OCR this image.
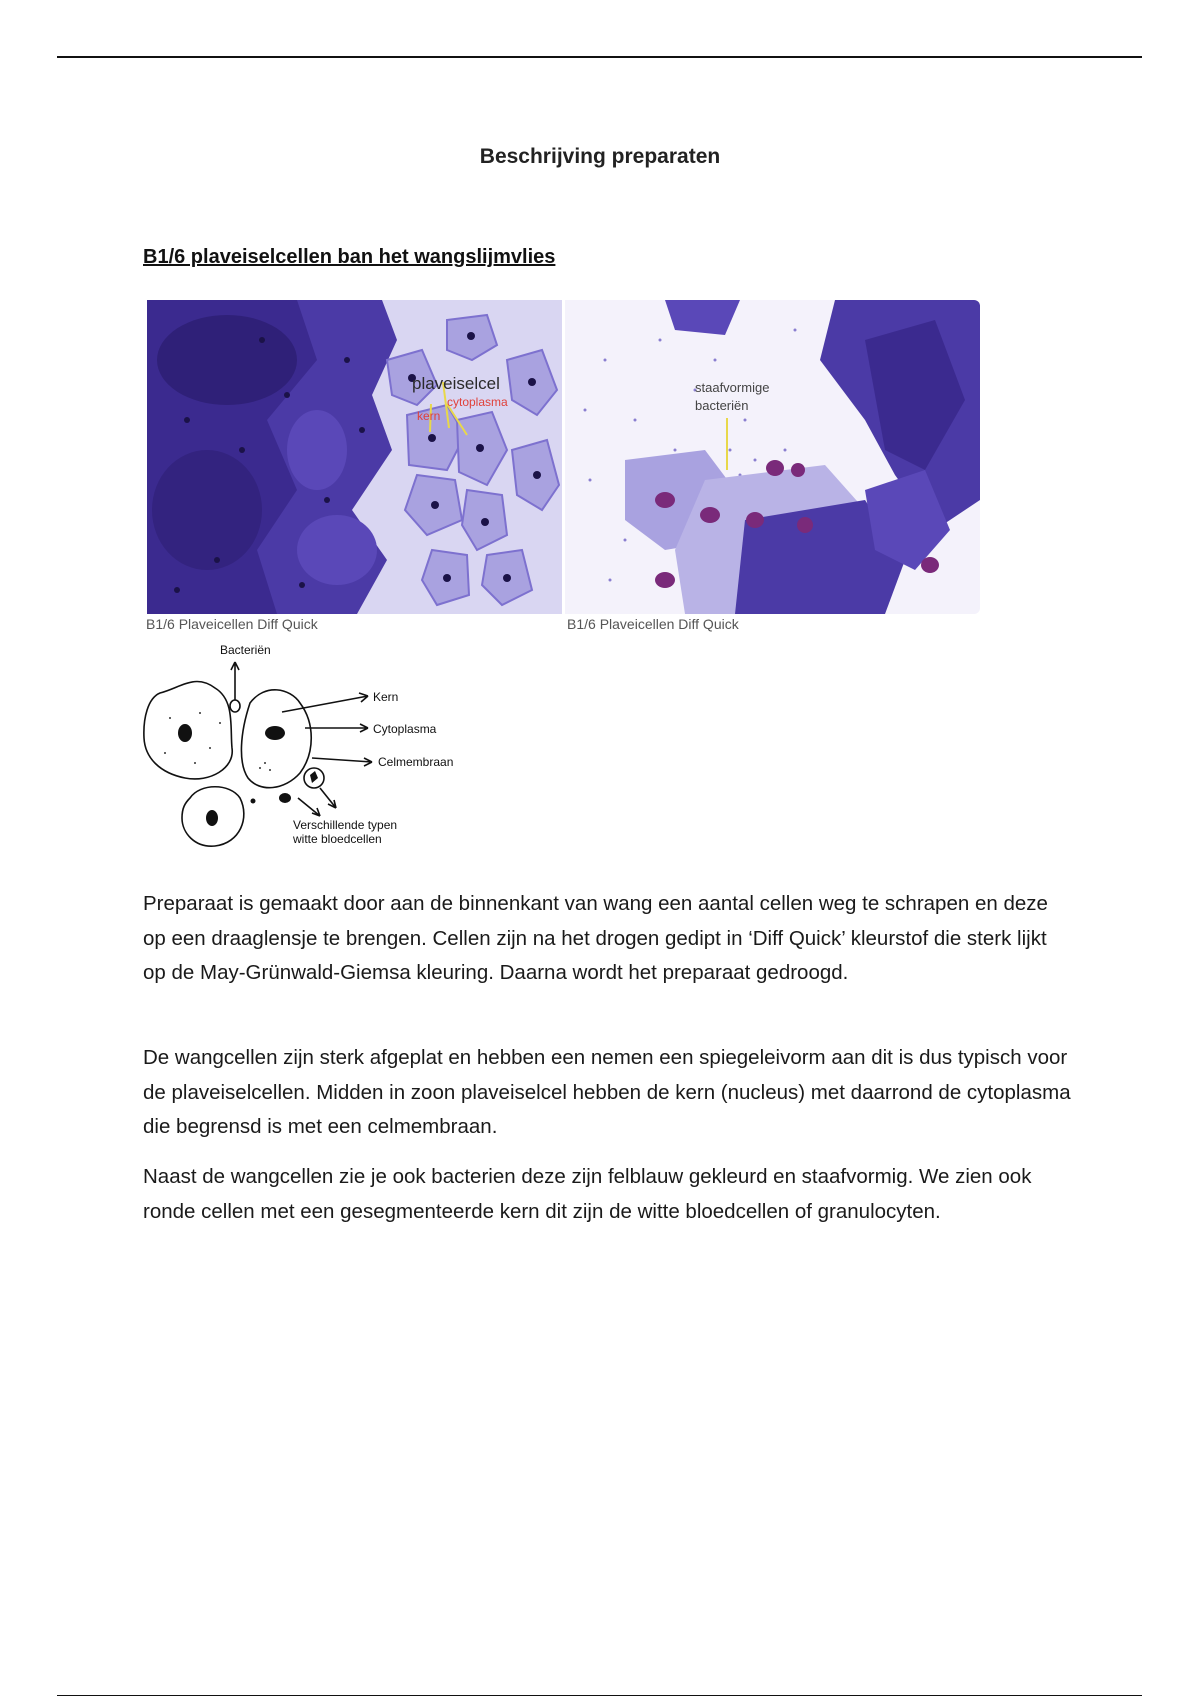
Beschrijving preparaten
B1/6 plaveiselcellen ban het wangslijmvlies
plaveiselcel
cytoplasma
kern
staafvormige
bacteriën
B1/6 Plaveicellen Diff Quick	B1/6 Plaveicellen Diff Quick
Bacteriën
Kern
Cytoplasma
Celmembraan
Verschillende typen
witte bloedcellen

Preparaat is gemaakt door aan de binnenkant van wang een aantal cellen weg te schrapen en deze op een draaglensje te brengen. Cellen zijn na het drogen gedipt in ‘Diff Quick’ kleurstof die sterk lijkt op de May-Grünwald-Giemsa kleuring. Daarna wordt het preparaat gedroogd.

De wangcellen zijn sterk afgeplat en hebben een nemen een spiegeleivorm aan dit is dus typisch voor de plaveiselcellen. Midden in zoon plaveiselcel hebben de kern (nucleus) met daarrond de cytoplasma die begrensd is met een celmembraan.

Naast de wangcellen zie je ook bacterien deze zijn felblauw gekleurd en staafvormig. We zien ook ronde cellen met een gesegmenteerde kern dit zijn de witte bloedcellen of granulocyten.
